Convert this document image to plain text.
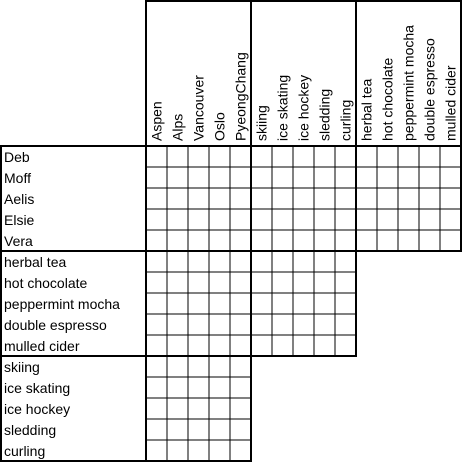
Aspen Alps Vancouver Oslo PyeongChang skiing ice skating ice hockey sledding curling herbal tea hot chocolate peppermint mocha double espresso mulled cider
Deb
Moff
Aelis
Elsie
Vera
herbal tea
hot chocolate
peppermint mocha
double espresso
mulled cider
skiing
ice skating
ice hockey
sledding
curling
